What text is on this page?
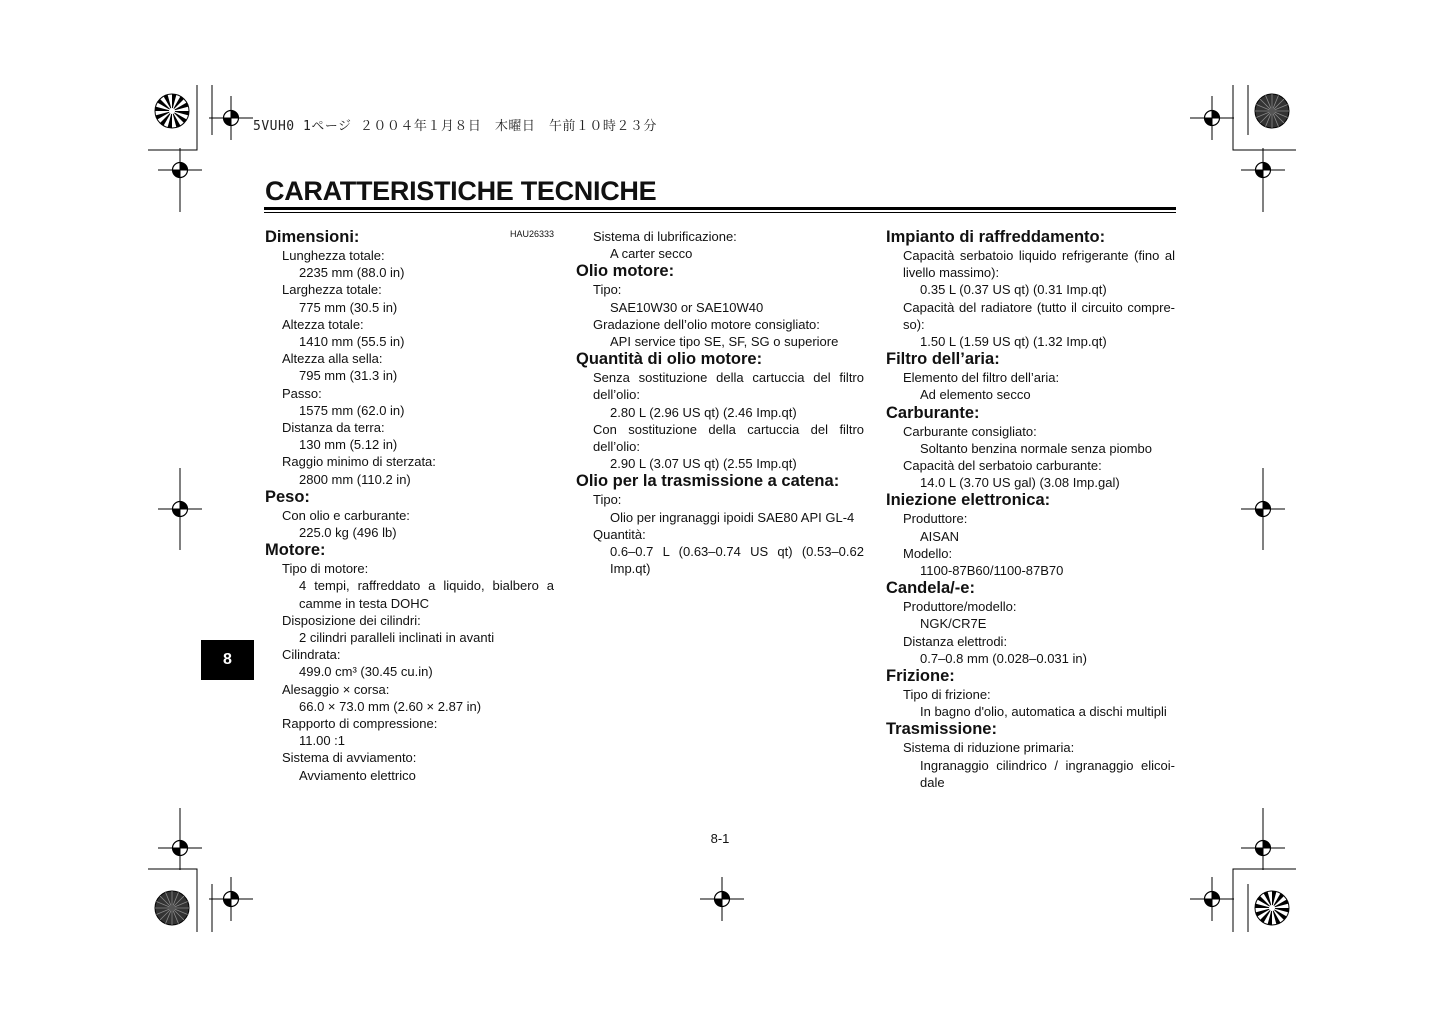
5VUH0 1ページ ２００４年１月８日　木曜日　午前１０時２３分
CARATTERISTICHE TECNICHE
HAU26333
Dimensioni:
Lunghezza totale:
2235 mm (88.0 in)
Larghezza totale:
775 mm (30.5 in)
Altezza totale:
1410 mm (55.5 in)
Altezza alla sella:
795 mm (31.3 in)
Passo:
1575 mm (62.0 in)
Distanza da terra:
130 mm (5.12 in)
Raggio minimo di sterzata:
2800 mm (110.2 in)
Peso:
Con olio e carburante:
225.0 kg (496 lb)
Motore:
Tipo di motore:
4 tempi, raffreddato a liquido, bialbero a camme in testa DOHC
Disposizione dei cilindri:
2 cilindri paralleli inclinati in avanti
Cilindrata:
499.0 cm³ (30.45 cu.in)
Alesaggio × corsa:
66.0 × 73.0 mm (2.60 × 2.87 in)
Rapporto di compressione:
11.00 :1
Sistema di avviamento:
Avviamento elettrico
Sistema di lubrificazione:
A carter secco
Olio motore:
Tipo:
SAE10W30 or SAE10W40
Gradazione dell’olio motore consigliato:
API service tipo SE, SF, SG o superiore
Quantità di olio motore:
Senza sostituzione della cartuccia del filtro dell’olio:
2.80 L (2.96 US qt) (2.46 Imp.qt)
Con sostituzione della cartuccia del filtro dell’olio:
2.90 L (3.07 US qt) (2.55 Imp.qt)
Olio per la trasmissione a catena:
Tipo:
Olio per ingranaggi ipoidi SAE80 API GL-4
Quantità:
0.6–0.7 L (0.63–0.74 US qt) (0.53–0.62 Imp.qt)
Impianto di raffreddamento:
Capacità serbatoio liquido refrigerante (fino al livello massimo):
0.35 L (0.37 US qt) (0.31 Imp.qt)
Capacità del radiatore (tutto il circuito compre-so):
1.50 L (1.59 US qt) (1.32 Imp.qt)
Filtro dell’aria:
Elemento del filtro dell’aria:
Ad elemento secco
Carburante:
Carburante consigliato:
Soltanto benzina normale senza piombo
Capacità del serbatoio carburante:
14.0 L (3.70 US gal) (3.08 Imp.gal)
Iniezione elettronica:
Produttore:
AISAN
Modello:
1100-87B60/1100-87B70
Candela/-e:
Produttore/modello:
NGK/CR7E
Distanza elettrodi:
0.7–0.8 mm (0.028–0.031 in)
Frizione:
Tipo di frizione:
In bagno d'olio, automatica a dischi multipli
Trasmissione:
Sistema di riduzione primaria:
Ingranaggio cilindrico / ingranaggio elicoi-dale
8
8-1
